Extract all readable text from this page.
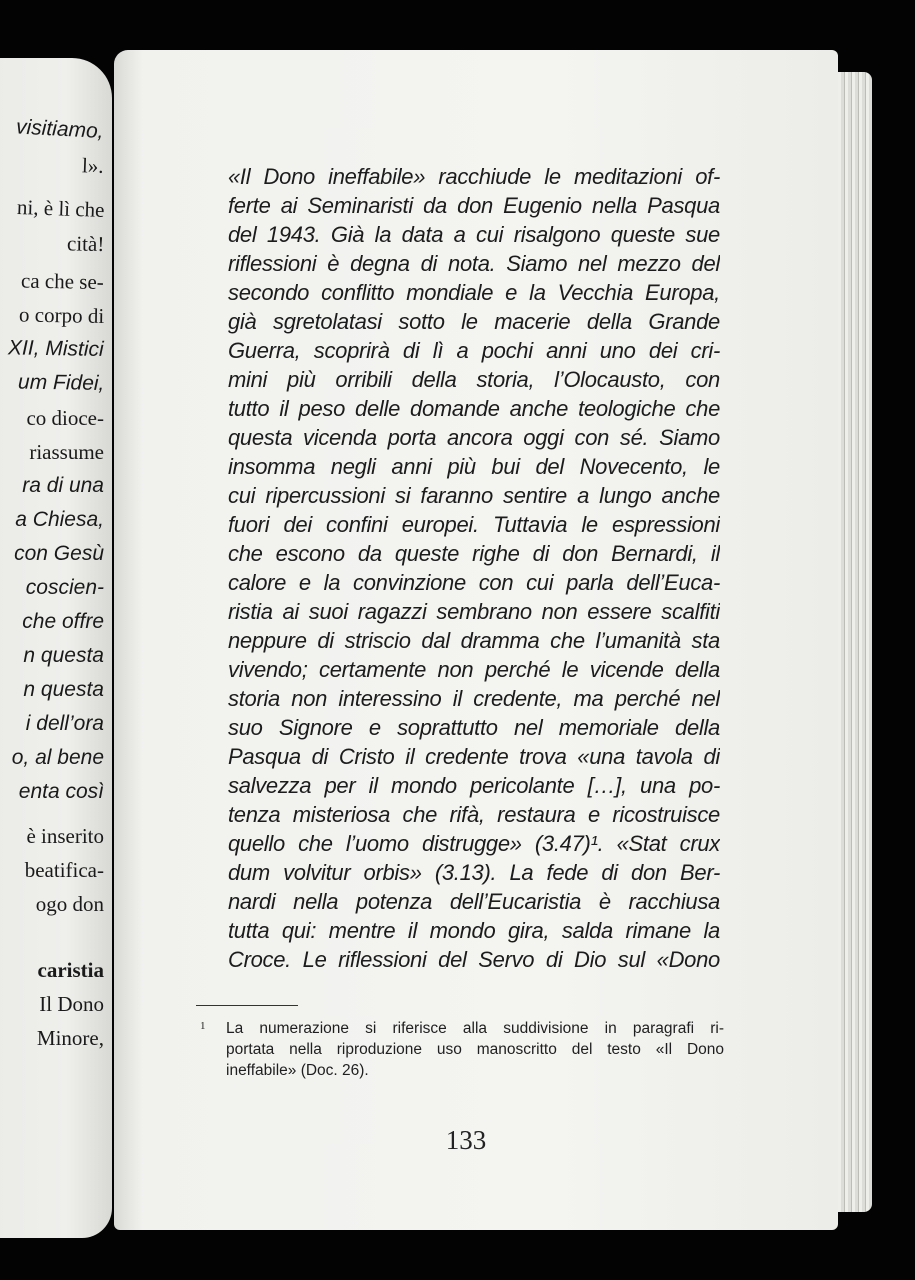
visitiamo,
l».
ni, è lì che
cità!
ca che se-
o corpo di
XII, Mistici
um Fidei,
co dioce-
riassume
ra di una
a Chiesa,
con Gesù
coscien-
che offre
n questa
n questa
i dell’ora
o, al bene
enta così
è inserito
beatifica-
ogo don
caristia
Il Dono
Minore,
«Il Dono ineffabile» racchiude le meditazioni of-
ferte ai Seminaristi da don Eugenio nella Pasqua
del 1943. Già la data a cui risalgono queste sue
riflessioni è degna di nota. Siamo nel mezzo del
secondo conflitto mondiale e la Vecchia Europa,
già sgretolatasi sotto le macerie della Grande
Guerra, scoprirà di lì a pochi anni uno dei cri-
mini più orribili della storia, l’Olocausto, con
tutto il peso delle domande anche teologiche che
questa vicenda porta ancora oggi con sé. Siamo
insomma negli anni più bui del Novecento, le
cui ripercussioni si faranno sentire a lungo anche
fuori dei confini europei. Tuttavia le espressioni
che escono da queste righe di don Bernardi, il
calore e la convinzione con cui parla dell’Euca-
ristia ai suoi ragazzi sembrano non essere scalfiti
neppure di striscio dal dramma che l’umanità sta
vivendo; certamente non perché le vicende della
storia non interessino il credente, ma perché nel
suo Signore e soprattutto nel memoriale della
Pasqua di Cristo il credente trova «una tavola di
salvezza per il mondo pericolante […], una po-
tenza misteriosa che rifà, restaura e ricostruisce
quello che l’uomo distrugge» (3.47)¹. «Stat crux
dum volvitur orbis» (3.13). La fede di don Ber-
nardi nella potenza dell’Eucaristia è racchiusa
tutta qui: mentre il mondo gira, salda rimane la
Croce. Le riflessioni del Servo di Dio sul «Dono
1 La numerazione si riferisce alla suddivisione in paragrafi ri-
portata nella riproduzione uso manoscritto del testo «Il Dono
ineffabile» (Doc. 26).
133
